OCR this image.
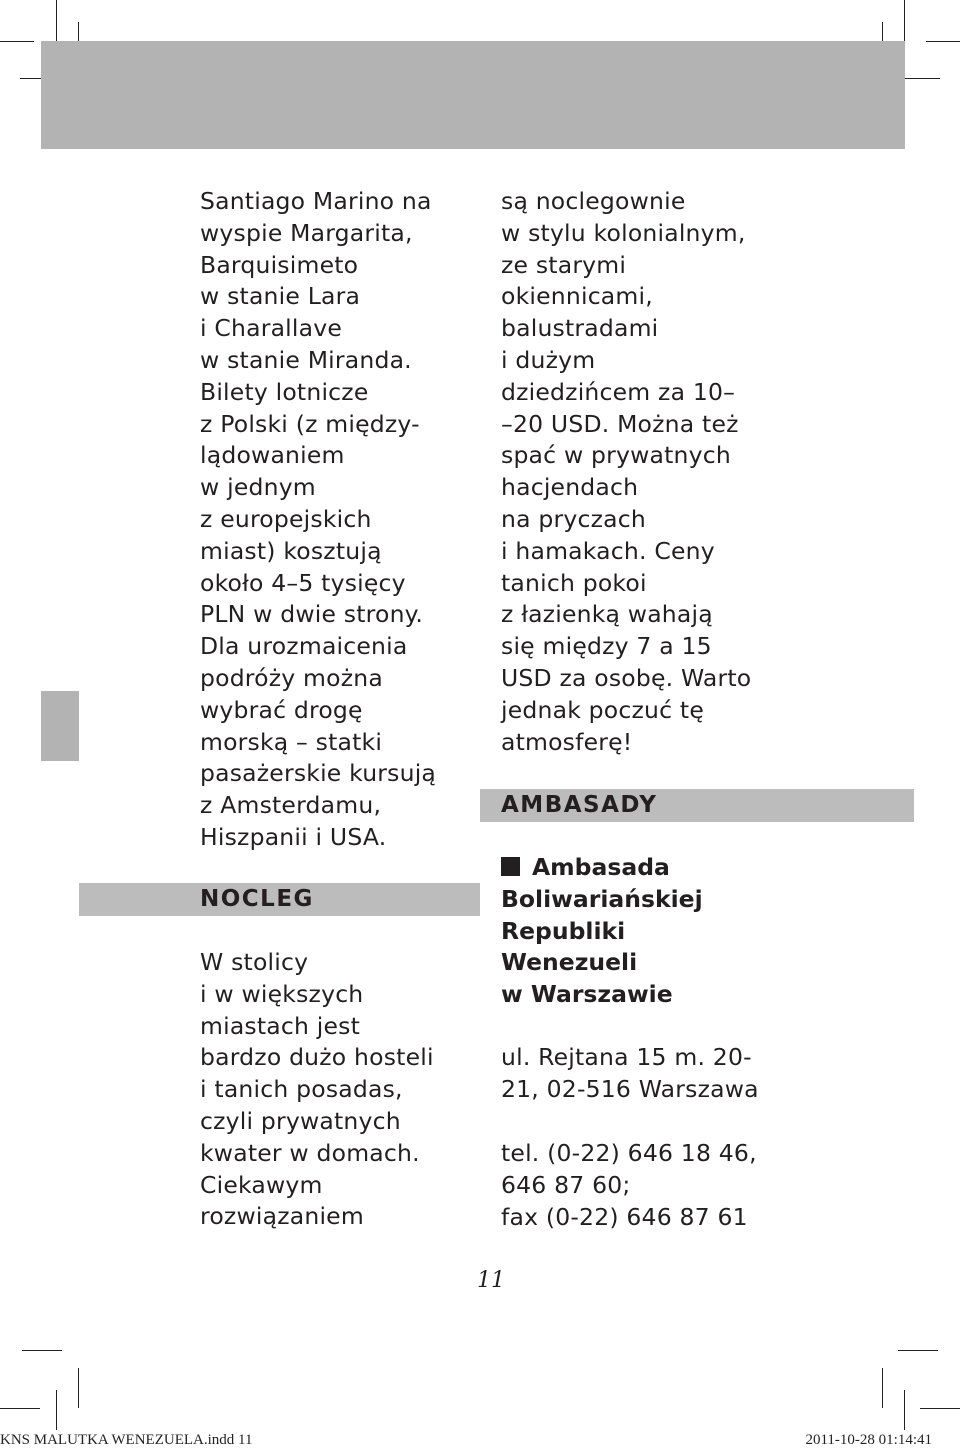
Santiago Marino na
wyspie Margarita,
Barquisimeto
w stanie Lara
i Charallave
w stanie Miranda.
Bilety lotnicze
z Polski (z między-
lądowaniem
w jednym
z europejskich
miast) kosztują
około 4–5 tysięcy
PLN w dwie strony.
Dla urozmaicenia
podróży można
wybrać drogę
morską – statki
pasażerskie kursują
z Amsterdamu,
Hiszpanii i USA.
NOCLEG
W stolicy
i w większych
miastach jest
bardzo dużo hosteli
i tanich posadas,
czyli prywatnych
kwater w domach.
Ciekawym
rozwiązaniem
są noclegownie
w stylu kolonialnym,
ze starymi
okiennicami,
balustradami
i dużym
dziedzińcem za 10–
–20 USD. Można też
spać w prywatnych
hacjendach
na pryczach
i hamakach. Ceny
tanich pokoi
z łazienką wahają
się między 7 a 15
USD za osobę. Warto
jednak poczuć tę
atmosferę!
AMBASADY
Ambasada
Boliwariańskiej
Republiki
Wenezueli
w Warszawie
ul. Rejtana 15 m. 20-
21, 02-516 Warszawa
tel. (0-22) 646 18 46,
646 87 60;
fax (0-22) 646 87 61
11
KNS MALUTKA WENEZUELA.indd 11	2011-10-28 01:14:41
